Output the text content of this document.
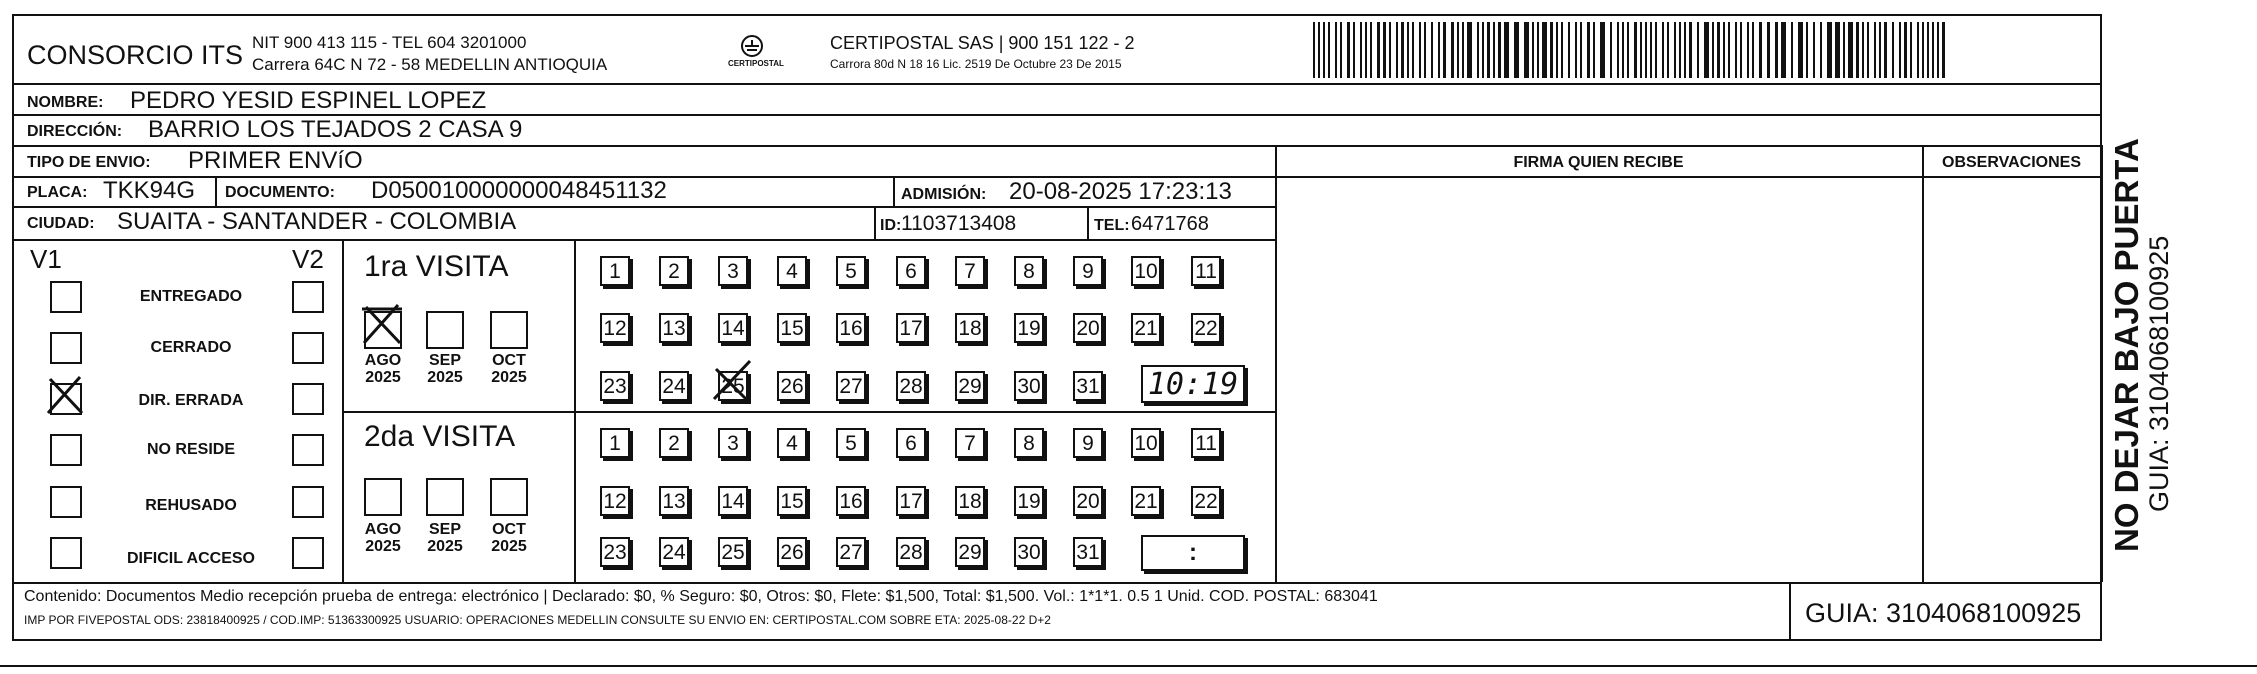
CONSORCIO ITS NIT 900 413 115 - TEL 604 3201000
Carrera 64C N 72 - 58 MEDELLIN ANTIOQUIA	CERTIPOSTAL
CERTIPOSTAL SAS | 900 151 122 - 2
Carrora 80d N 18 16 Lic. 2519 De Octubre 23 De 2015
NOMBRE: PEDRO YESID ESPINEL LOPEZ
DIRECCIÓN: BARRIO LOS TEJADOS 2 CASA 9
TIPO DE ENVIO: PRIMER ENVíO
PLACA: TKK94G DOCUMENTO: D050010000000048451132	ADMISIÓN: 20-08-2025 17:23:13
CIUDAD: SUAITA - SANTANDER - COLOMBIA	ID: 1103713408	TEL: 6471768
FIRMA QUIEN RECIBE	OBSERVACIONES
V1	V2
ENTREGADO
CERRADO
DIR. ERRADA
NO RESIDE
REHUSADO
DIFICIL ACCESO
1ra VISITA
AGO
2025
SEP
2025
OCT
2025
1	2	3	4	5	6	7	8	9	10 11
12 13 14 15 16 17 18 19 20 21 22
23 24 25 26 27 28 29 30 31 10:19
2da VISITA
AGO
2025
SEP
2025
OCT
2025
1	2	3	4	5	6	7	8	9	10 11
12 13 14 15 16 17 18 19 20 21 22
23 24 25 26 27 28 29 30 31	:
Contenido: Documentos Medio recepción prueba de entrega: electrónico | Declarado: $0, % Seguro: $0, Otros: $0, Flete: $1,500, Total: $1,500. Vol.: 1*1*1. 0.5 1 Unid. COD. POSTAL: 683041
IMP POR FIVEPOSTAL ODS: 23818400925 / COD.IMP: 51363300925 USUARIO: OPERACIONES MEDELLIN CONSULTE SU ENVIO EN: CERTIPOSTAL.COM SOBRE ETA: 2025-08-22 D+2	GUIA: 3104068100925
NO DEJAR BAJO PUERTA GUIA: 3104068100925
